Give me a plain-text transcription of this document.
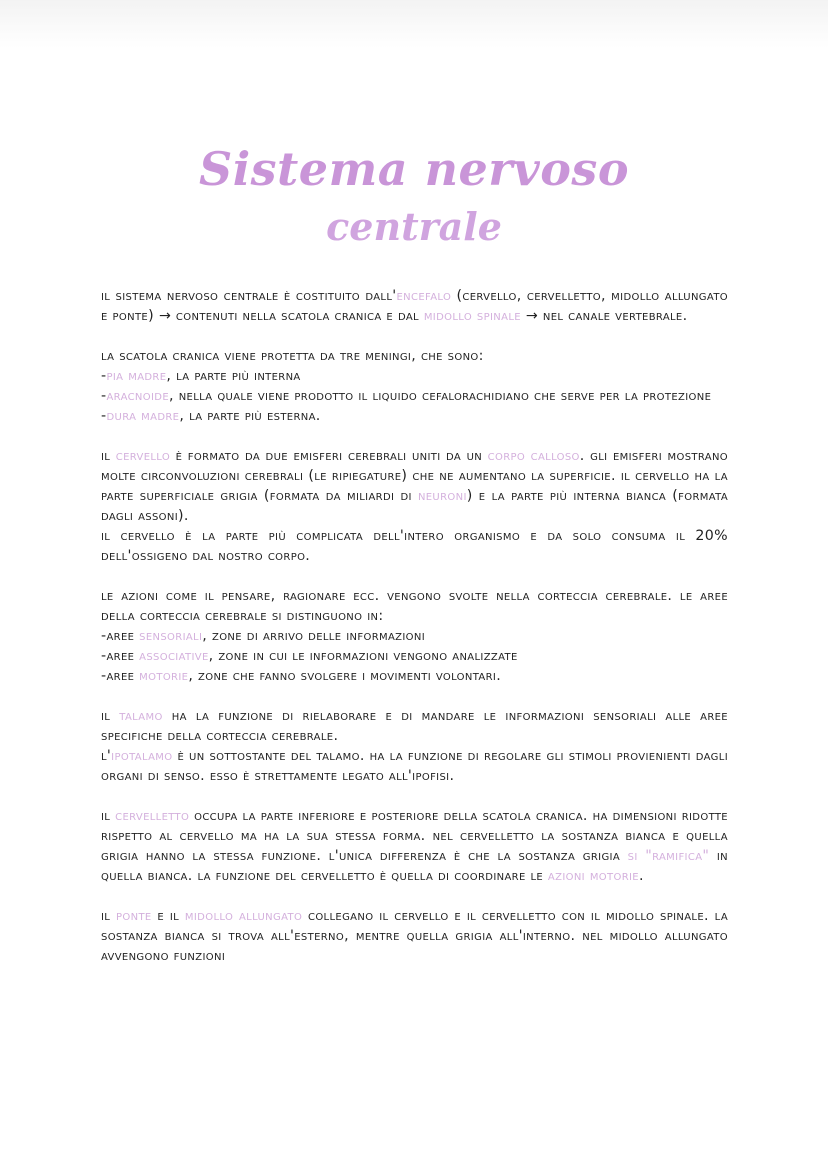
Sistema nervoso
centrale

il sistema nervoso centrale è costituito dall'encefalo (cervello, cervelletto, midollo allungato e ponte) → contenuti nella scatola cranica e dal midollo spinale → nel canale vertebrale.

la scatola cranica viene protetta da tre meningi, che sono:
-pia madre, la parte più interna
-aracnoide, nella quale viene prodotto il liquido cefalorachidiano che serve per la protezione
-dura madre, la parte più esterna.

il cervello è formato da due emisferi cerebrali uniti da un corpo calloso. gli emisferi mostrano molte circonvoluzioni cerebrali (le ripiegature) che ne aumentano la superficie. il cervello ha la parte superficiale grigia (formata da miliardi di neuroni) e la parte più interna bianca (formata dagli assoni).
il cervello è la parte più complicata dell'intero organismo e da solo consuma il 20% dell'ossigeno dal nostro corpo.

le azioni come il pensare, ragionare ecc. vengono svolte nella corteccia cerebrale. le aree della corteccia cerebrale si distinguono in:
-aree sensoriali, zone di arrivo delle informazioni
-aree associative, zone in cui le informazioni vengono analizzate
-aree motorie, zone che fanno svolgere i movimenti volontari.

il talamo ha la funzione di rielaborare e di mandare le informazioni sensoriali alle aree specifiche della corteccia cerebrale.
l'ipotalamo è un sottostante del talamo. ha la funzione di regolare gli stimoli provienienti dagli organi di senso. esso è strettamente legato all'ipofisi.

il cervelletto occupa la parte inferiore e posteriore della scatola cranica. ha dimensioni ridotte rispetto al cervello ma ha la sua stessa forma. nel cervelletto la sostanza bianca e quella grigia hanno la stessa funzione. l'unica differenza è che la sostanza grigia si "ramifica" in quella bianca. la funzione del cervelletto è quella di coordinare le azioni motorie.

il ponte e il midollo allungato collegano il cervello e il cervelletto con il midollo spinale. la sostanza bianca si trova all'esterno, mentre quella grigia all'interno. nel midollo allungato avvengono funzioni
